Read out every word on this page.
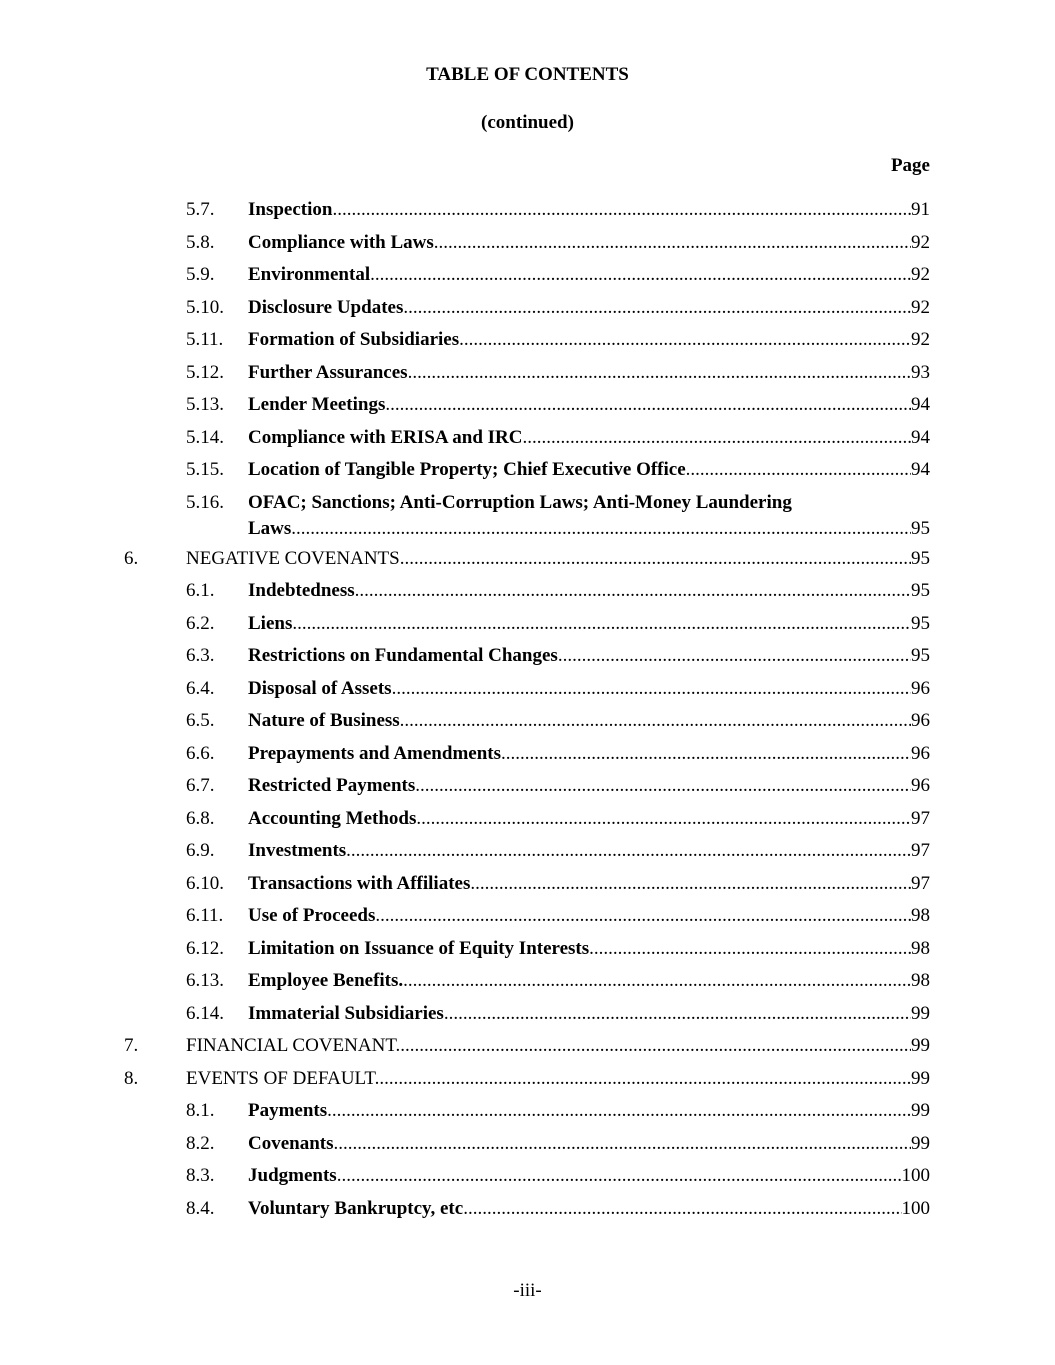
TABLE OF CONTENTS
(continued)
Page
5.7. Inspection .....	91
5.8. Compliance with Laws . .....	92
5.9. Environmental .....	92
5.10. Disclosure Updates .....	92
5.11. Formation of Subsidiaries . .....	92
5.12. Further Assurances . .....	93
5.13. Lender Meetings . .....	94
5.14. Compliance with ERISA and IRC . .....	94
5.15. Location of Tangible Property; Chief Executive Office . .....	94
5.16. OFAC; Sanctions; Anti-Corruption Laws; Anti-Money Laundering
Laws . .....	95
6.	NEGATIVE COVENANTS. .....	95
6.1. Indebtedness . .....	95
6.2. Liens . .....	95
6.3. Restrictions on Fundamental Changes . .....	95
6.4. Disposal of Assets . .....	96
6.5. Nature of Business . .....	96
6.6. Prepayments and Amendments . .....	96
6.7. Restricted Payments . .....	96
6.8. Accounting Methods . .....	97
6.9. Investments . .....	97
6.10. Transactions with Affiliates . .....	97
6.11. Use of Proceeds . .....	98
6.12. Limitation on Issuance of Equity Interests . .....	98
6.13. Employee Benefits. .....	98
6.14. Immaterial Subsidiaries . .....	99
7.	FINANCIAL COVENANT. .....	99
8.	EVENTS OF DEFAULT. .....	99
8.1. Payments . .....	99
8.2. Covenants . .....	99
8.3. Judgments .....	100
8.4. Voluntary Bankruptcy, etc . .....	100
-iii-
